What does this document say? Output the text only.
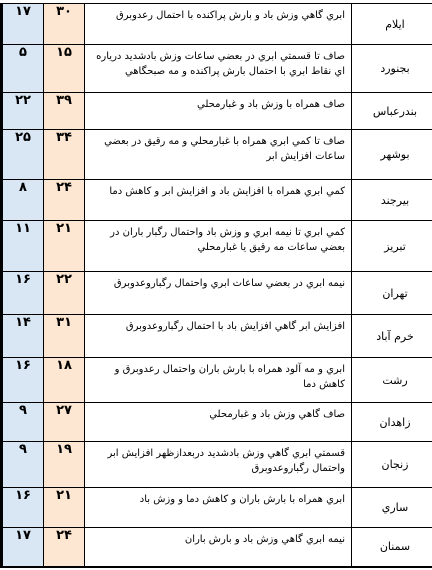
۱۷	۳۰	ابري گاهي وزش باد و بارش پراكنده با احتمال رعدوبرق	ايلام
۵	۱۵	صاف تا قسمتي ابري در بعضي ساعات وزش بادشديد درياره اي نقاط ابري با احتمال بارش پراكنده و مه صبحگاهي	بجنورد
۲۲	۳۹	صاف همراه با وزش باد و غبارمحلي	بندرعباس
۲۵	۳۴	صاف تا كمي ابري همراه با غبارمحلي و مه رقيق در بعضي ساعات افزايش ابر	بوشهر
۸	۲۴	كمي ابري همراه با افزايش باد و افزايش ابر و كاهش دما	بيرجند
۱۱	۲۱	كمي ابري تا نيمه ابري و وزش باد واحتمال رگبار باران در بعضي ساعات مه رقيق يا غبارمحلي	تبريز
۱۶	۲۲	نيمه ابري در بعضي ساعات ابري واحتمال رگباروعدوبرق	تهران
۱۴	۳۱	افزايش ابر گاهي افزايش باد با احتمال رگباروعدوبرق	خرم آباد
۱۶	۱۸	ابري و مه آلود همراه با بارش باران واحتمال رعدوبرق و كاهش دما	رشت
۹	۲۷	صاف گاهي وزش باد و غبارمحلي	زاهدان
۹	۱۹	قسمتي ابري گاهي وزش بادشديد دربعدازظهر افزايش ابر واحتمال رگباروعدوبرق	زنجان
۱۶	۲۱	ابري همراه با بارش باران و كاهش دما و وزش باد	ساري
۱۷	۲۴	نيمه ابري گاهي وزش باد و بارش باران	سمنان
